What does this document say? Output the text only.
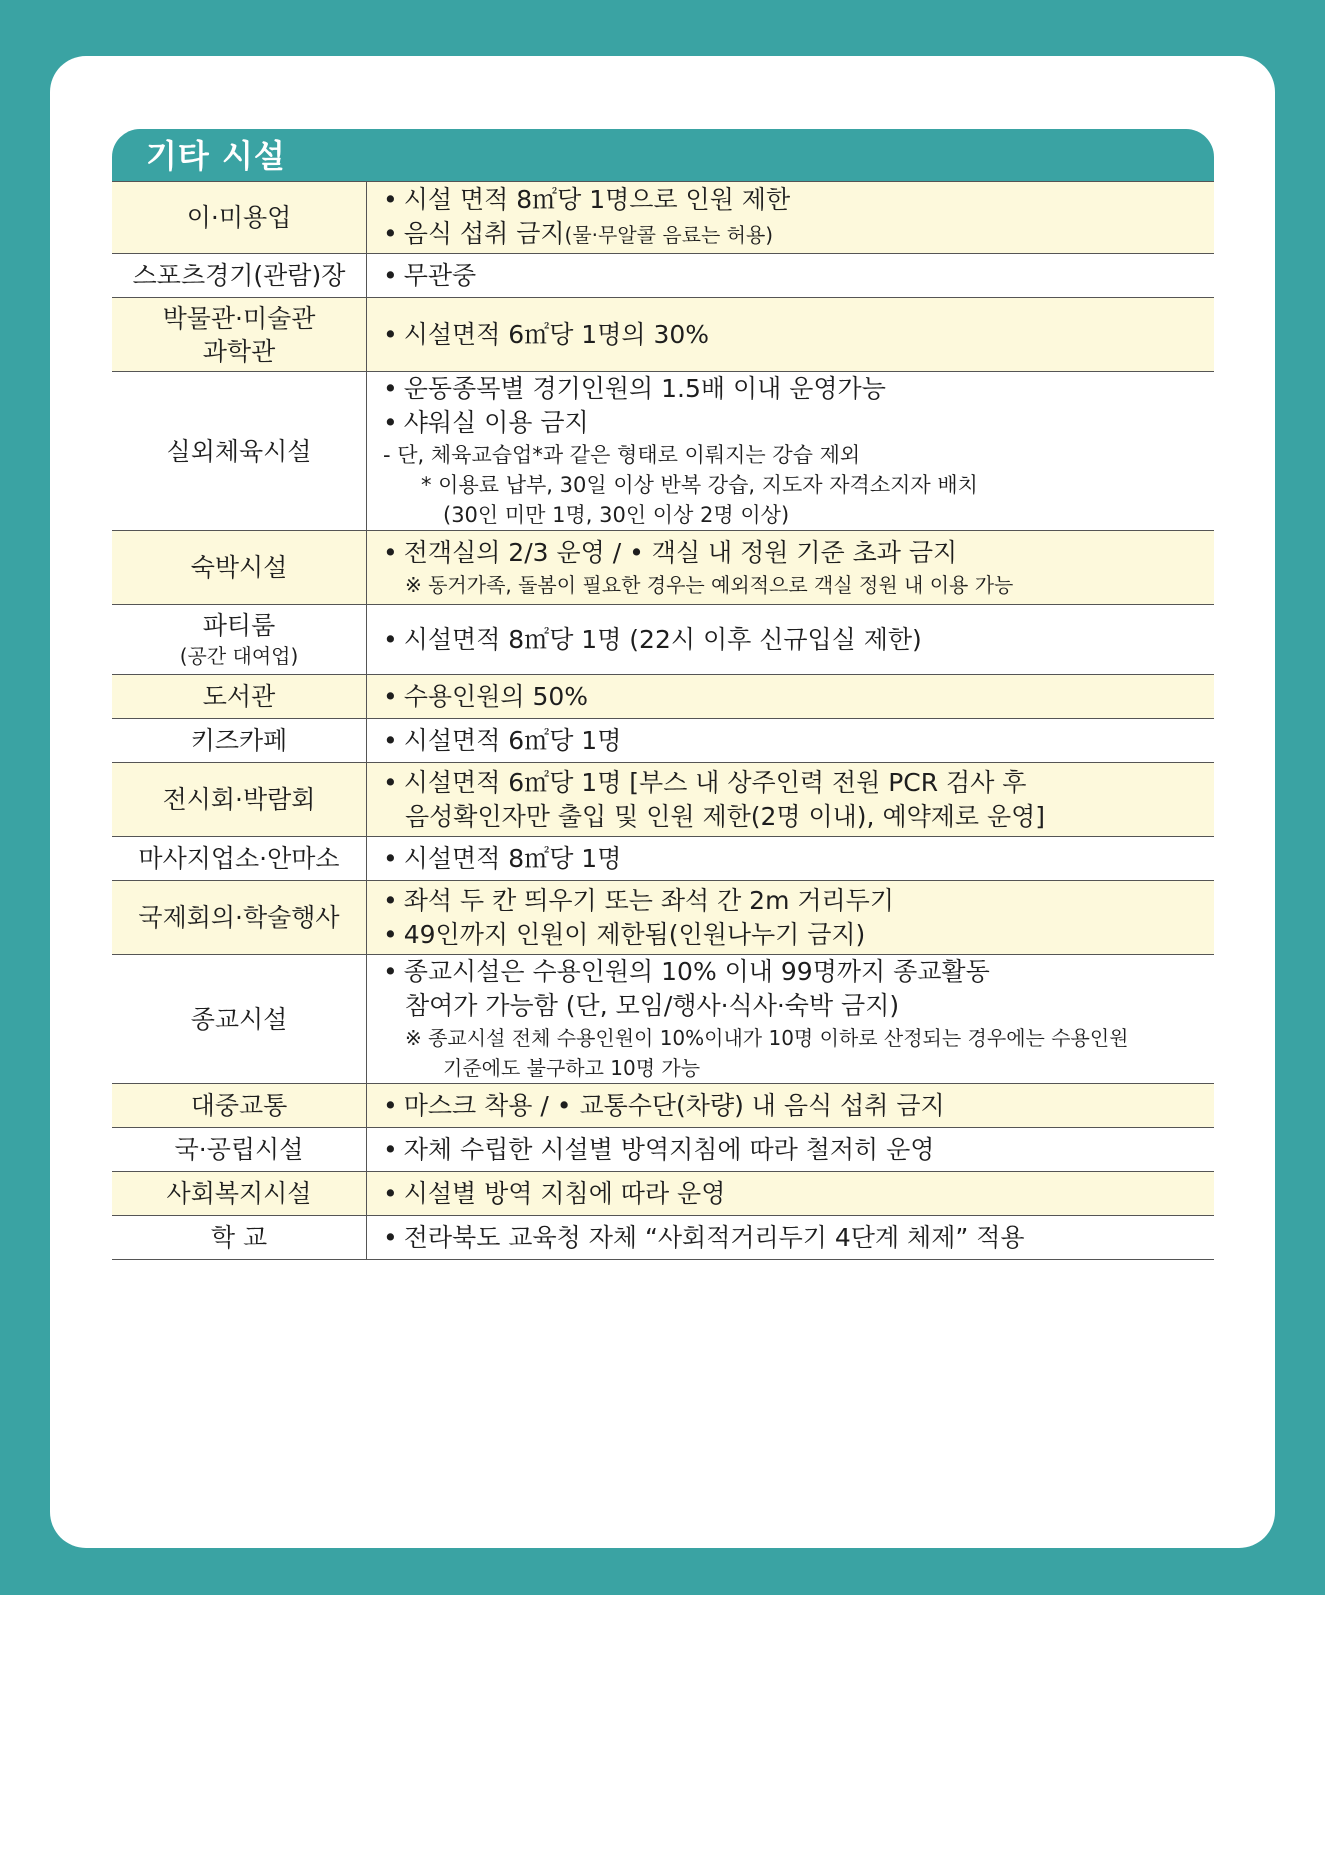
기타 시설
이·미용업	• 시설 면적 8㎡당 1명으로 인원 제한
• 음식 섭취 금지(물·무알콜 음료는 허용)

스포츠경기(관람)장	• 무관중

박물관·미술관
과학관	• 시설면적 6㎡당 1명의 30%

실외체육시설	• 운동종목별 경기인원의 1.5배 이내 운영가능
• 샤워실 이용 금지
- 단, 체육교습업*과 같은 형태로 이뤄지는 강습 제외
* 이용료 납부, 30일 이상 반복 강습, 지도자 자격소지자 배치
(30인 미만 1명, 30인 이상 2명 이상)

숙박시설	• 전객실의 2/3 운영 / • 객실 내 정원 기준 초과 금지
※ 동거가족, 돌봄이 필요한 경우는 예외적으로 객실 정원 내 이용 가능

파티룸
(공간 대여업)	• 시설면적 8㎡당 1명 (22시 이후 신규입실 제한)

도서관	• 수용인원의 50%

키즈카페	• 시설면적 6㎡당 1명

전시회·박람회	• 시설면적 6㎡당 1명 [부스 내 상주인력 전원 PCR 검사 후
음성확인자만 출입 및 인원 제한(2명 이내), 예약제로 운영]

마사지업소·안마소	• 시설면적 8㎡당 1명

국제회의·학술행사	• 좌석 두 칸 띄우기 또는 좌석 간 2m 거리두기
• 49인까지 인원이 제한됨(인원나누기 금지)

종교시설	• 종교시설은 수용인원의 10% 이내 99명까지 종교활동
참여가 가능함 (단, 모임/행사·식사·숙박 금지)
※ 종교시설 전체 수용인원이 10%이내가 10명 이하로 산정되는 경우에는 수용인원
기준에도 불구하고 10명 가능

대중교통	• 마스크 착용 / • 교통수단(차량) 내 음식 섭취 금지

국·공립시설	• 자체 수립한 시설별 방역지침에 따라 철저히 운영

사회복지시설	• 시설별 방역 지침에 따라 운영

학 교	• 전라북도 교육청 자체 “사회적거리두기 4단계 체제” 적용
